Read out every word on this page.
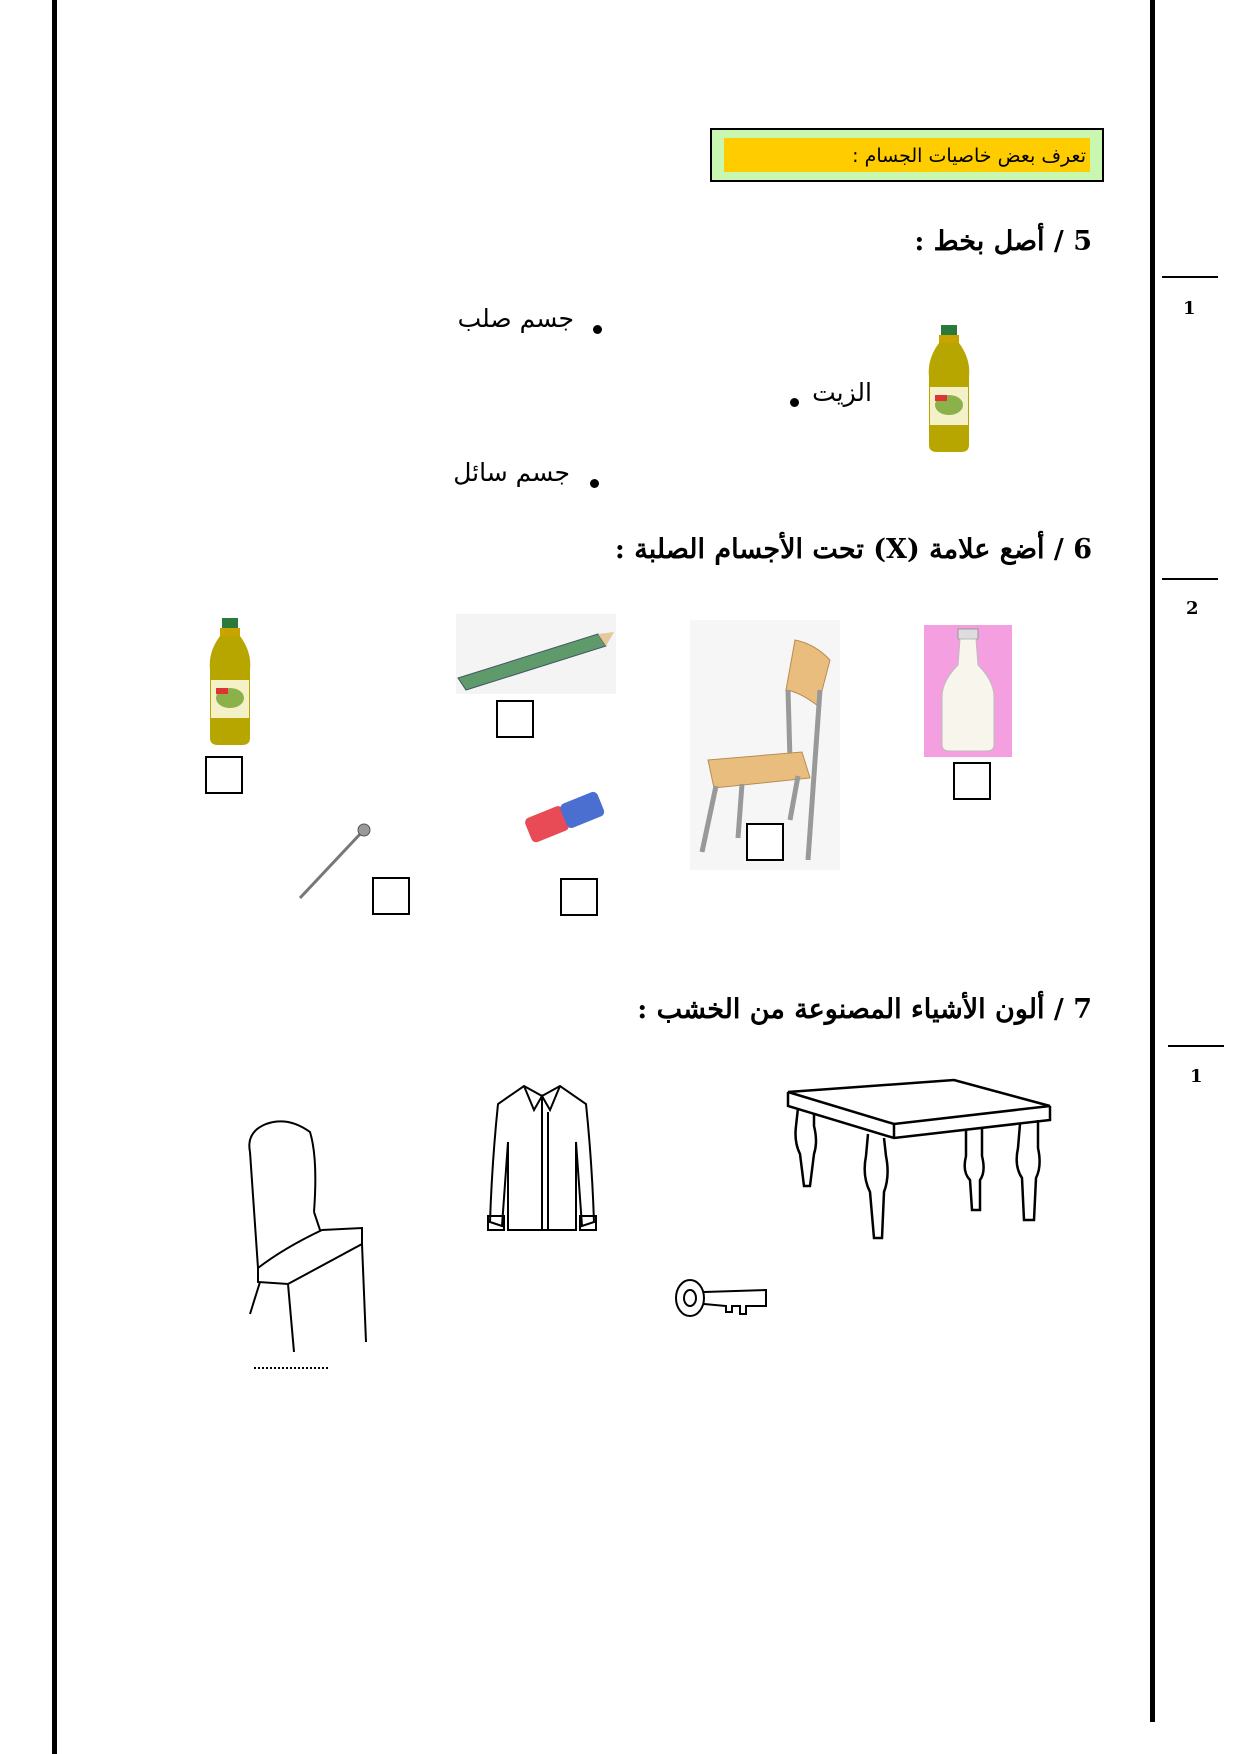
1
2
1
تعرف بعض خاصيات الجسام :
5 / أصل بخط :
جسم صلب
الزيت
جسم سائل
6 / أضع علامة (X) تحت الأجسام الصلبة :
7 / ألون الأشياء المصنوعة من الخشب :
